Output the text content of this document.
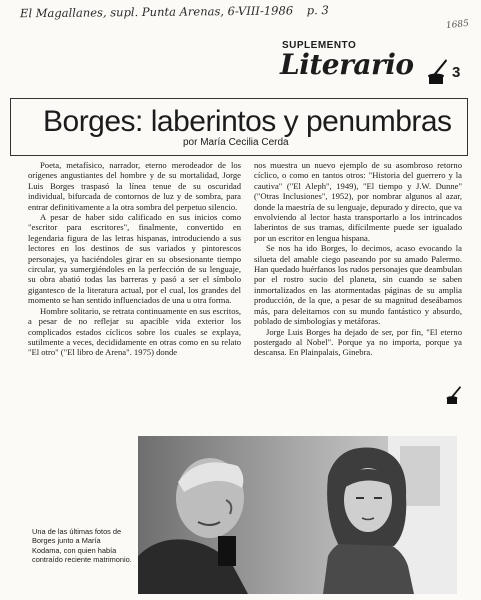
El Magallanes, supl. Punta Arenas, 6-VIII-1986 p. 3
1685
SUPLEMENTO
Literario	3
Borges: laberintos y penumbras
por María Cecilia Cerda

Poeta, metafísico, narrador, eterno merodeador de los orígenes angustiantes del hombre y de su mortalidad, Jorge Luis Borges traspasó la línea tenue de su oscuridad individual, bifurcada de contornos de luz y de sombra, para entrar definitivamente a la otra sombra del perpetuo silencio.

A pesar de haber sido calificado en sus inicios como "escritor para escritores", finalmente, convertido en legendaria figura de las letras hispanas, introduciendo a sus lectores en los destinos de sus variados y pintorescos personajes, ya haciéndoles girar en su obsesionante tiempo circular, ya sumergiéndoles en la perfección de su lenguaje, su obra abatió todas las barreras y pasó a ser el símbolo gigantesco de la literatura actual, por el cual, los grandes del momento se han sentido influenciados de una u otra forma.

Hombre solitario, se retrata continuamente en sus escritos, a pesar de no reflejar su apacible vida exterior los complicados estados cíclicos sobre los cuales se explaya, sutilmente a veces, decididamente en otras como en su relato "El otro" ("El libro de Arena". 1975) donde

nos muestra un nuevo ejemplo de su asombroso retorno cíclico, o como en tantos otros: "Historia del guerrero y la cautiva" ("El Aleph", 1949), "El tiempo y J.W. Dunne" ("Otras Inclusiones", 1952), por nombrar algunos al azar, donde la maestría de su lenguaje, depurado y directo, que va envolviendo al lector hasta transportarlo a los intrincados laberintos de sus tramas, difícilmente puede ser igualado por un escritor en lengua hispana.

Se nos ha ido Borges, lo decimos, acaso evocando la silueta del amable ciego paseando por su amado Palermo. Han quedado huérfanos los rudos personajes que deambulan por el rostro sucio del planeta, sin cuando se saben inmortalizados en las atormentadas páginas de su amplia producción, de la que, a pesar de su magnitud deseábamos más, para deleitarnos con su mundo fantástico y absurdo, poblado de simbologías y metáforas.

Jorge Luis Borges ha dejado de ser, por fin, "El eterno postergado al Nobel". Porque ya no importa, porque ya descansa. En Plainpalais, Ginebra.

Una de las últimas fotos de Borges junto a María Kodama, con quien había contraído reciente matrimonio.
